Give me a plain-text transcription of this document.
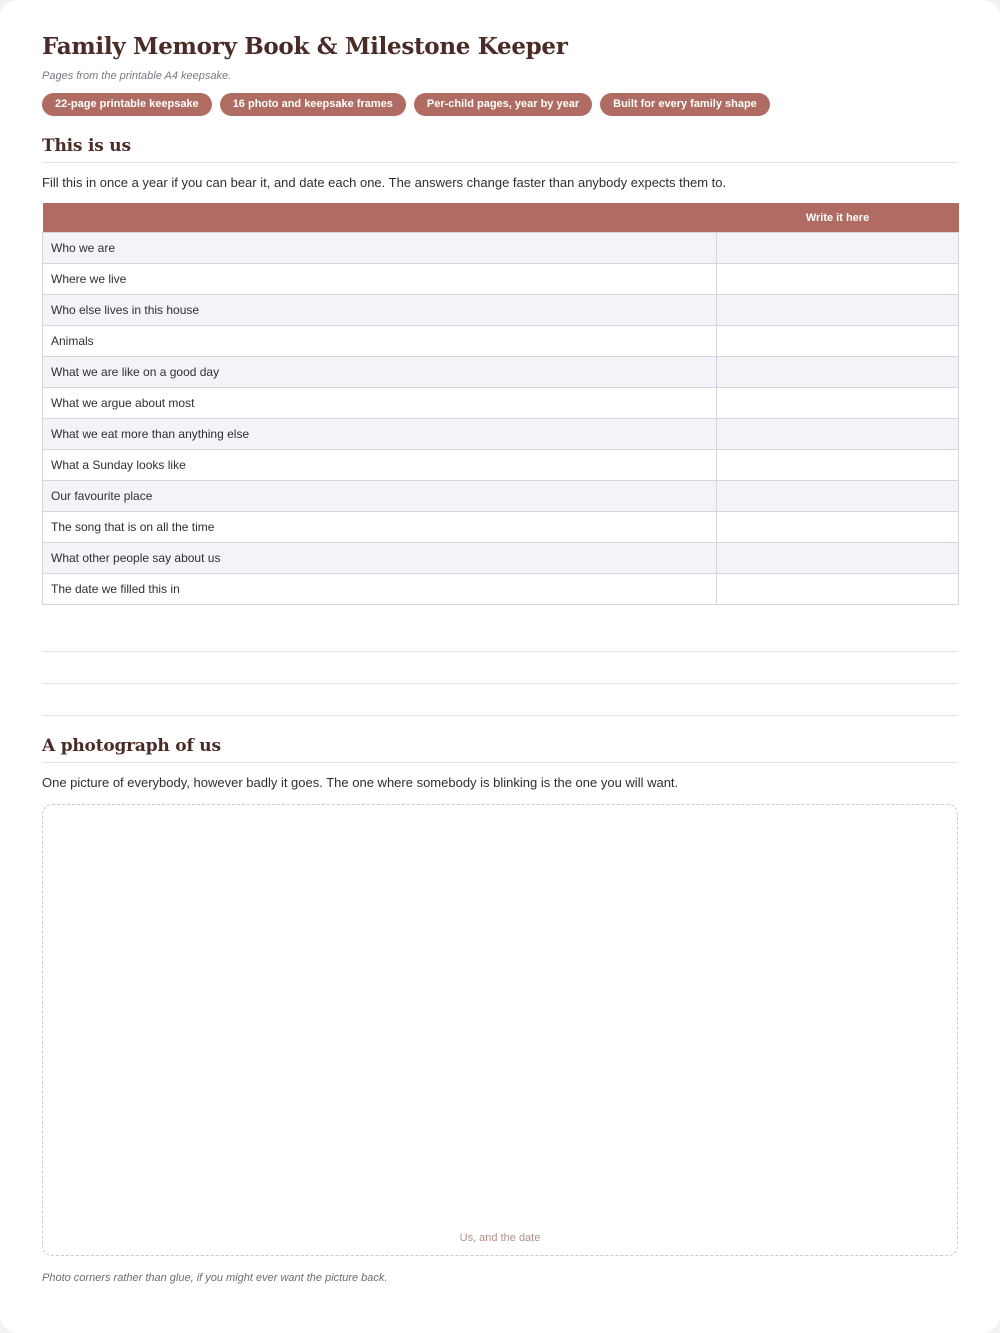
Family Memory Book & Milestone Keeper
Pages from the printable A4 keepsake.
22-page printable keepsake	16 photo and keepsake frames	Per-child pages, year by year	Built for every family shape
This is us
Fill this in once a year if you can bear it, and date each one. The answers change faster than anybody expects them to.
	Write it here
Who we are	
Where we live	
Who else lives in this house	
Animals	
What we are like on a good day	
What we argue about most	
What we eat more than anything else	
What a Sunday looks like	
Our favourite place	
The song that is on all the time	
What other people say about us	
The date we filled this in	
A photograph of us
One picture of everybody, however badly it goes. The one where somebody is blinking is the one you will want.
Us, and the date
Photo corners rather than glue, if you might ever want the picture back.
